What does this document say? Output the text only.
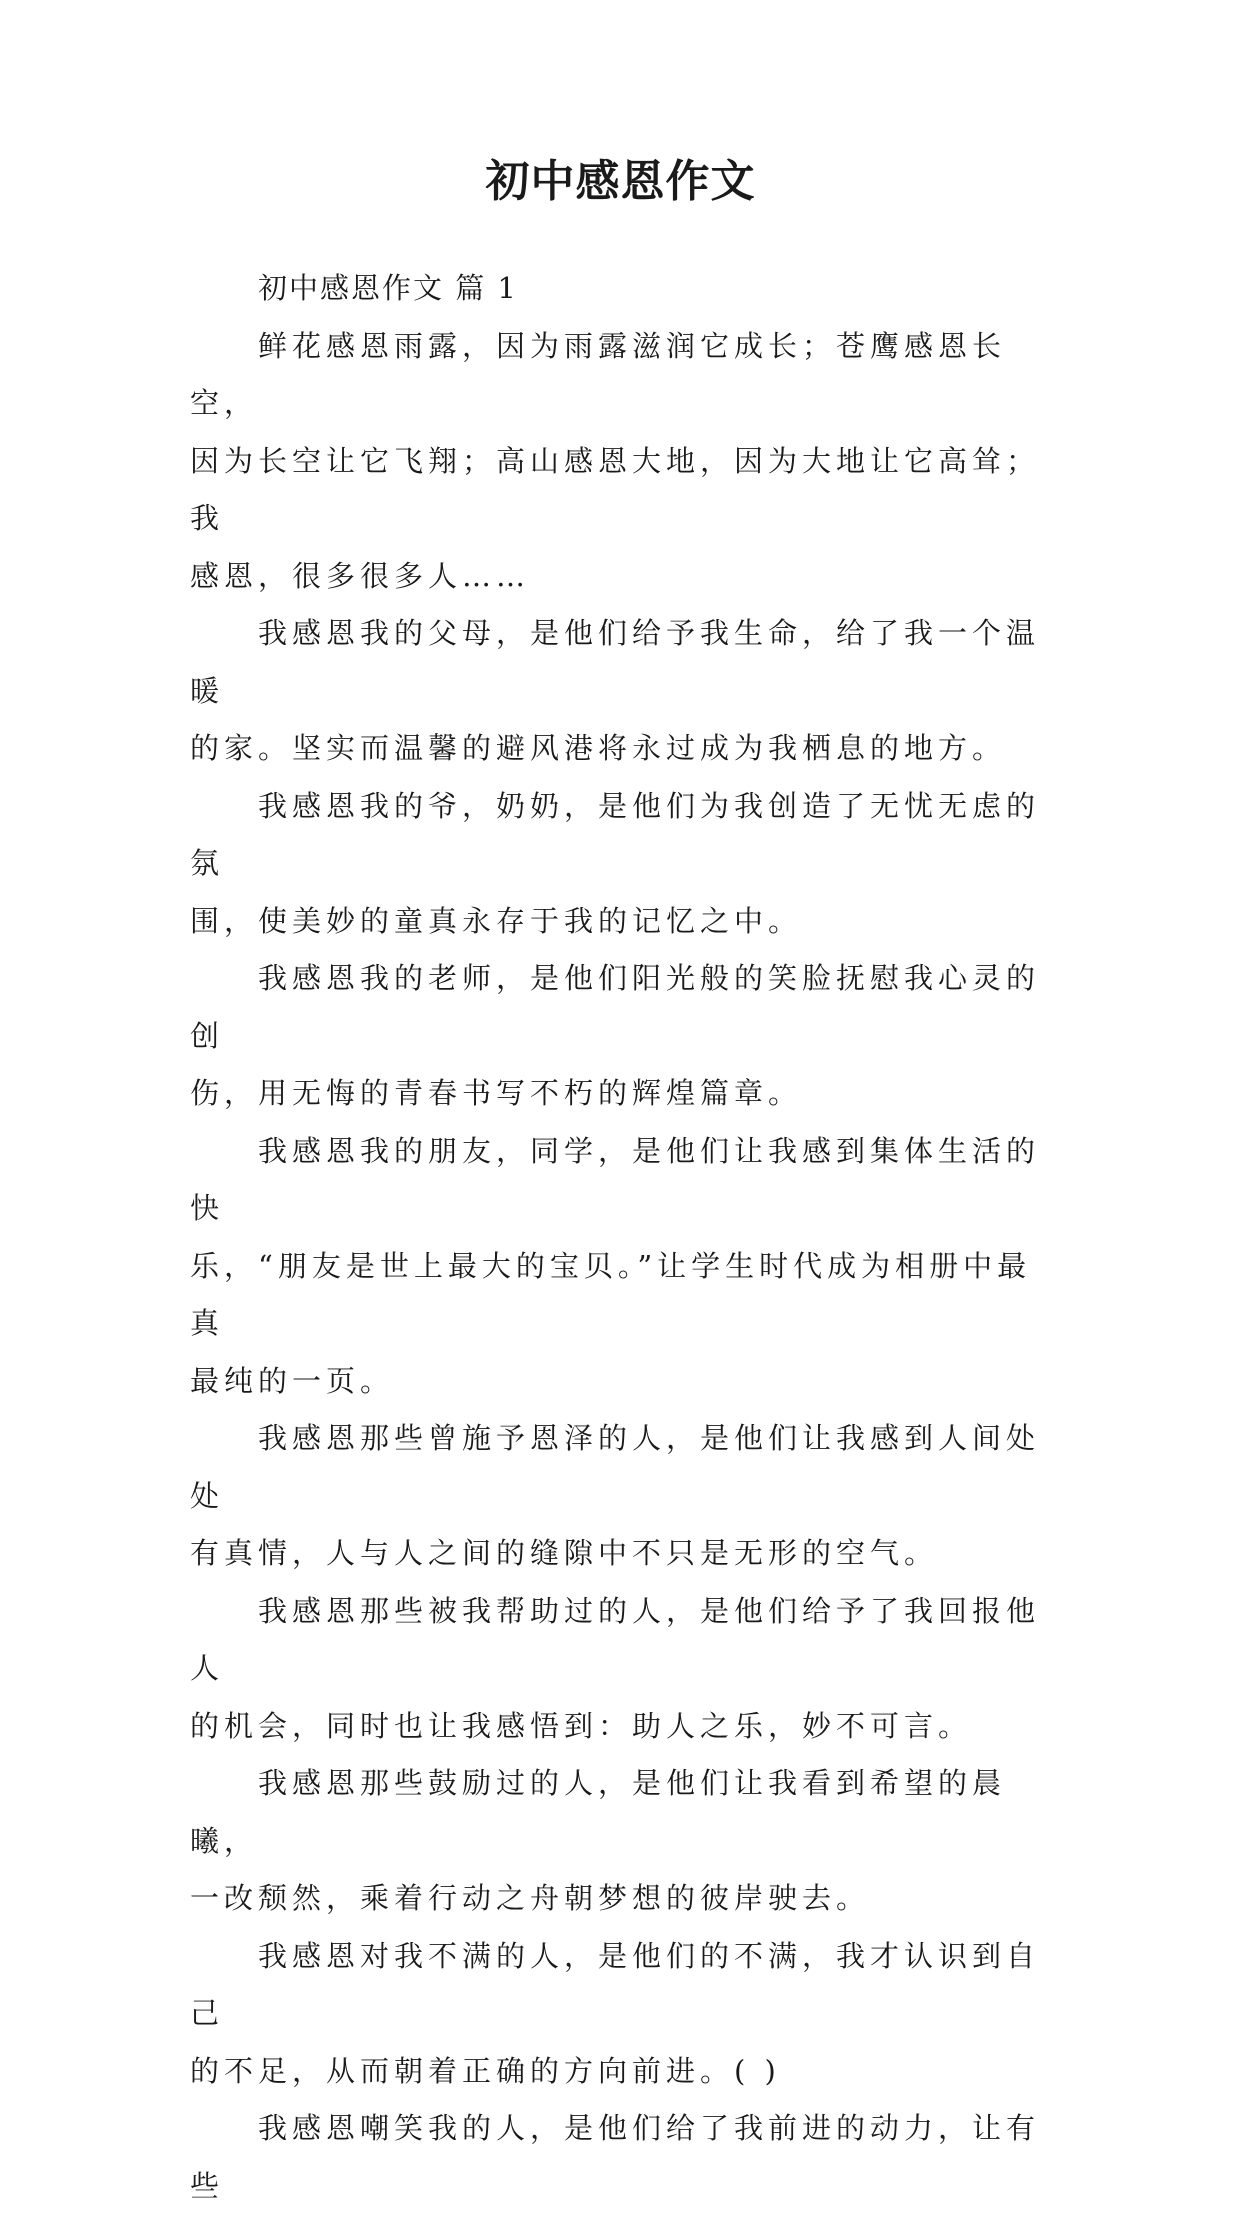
初中感恩作文

初中感恩作文 篇 1

鲜花感恩雨露，因为雨露滋润它成长；苍鹰感恩长空，
因为长空让它飞翔；高山感恩大地，因为大地让它高耸；我
感恩，很多很多人……

我感恩我的父母，是他们给予我生命，给了我一个温暖
的家。坚实而温馨的避风港将永过成为我栖息的地方。

我感恩我的爷，奶奶，是他们为我创造了无忧无虑的氛
围，使美妙的童真永存于我的记忆之中。

我感恩我的老师，是他们阳光般的笑脸抚慰我心灵的创
伤，用无悔的青春书写不朽的辉煌篇章。

我感恩我的朋友，同学，是他们让我感到集体生活的快
乐，“朋友是世上最大的宝贝。”让学生时代成为相册中最真
最纯的一页。

我感恩那些曾施予恩泽的人，是他们让我感到人间处处
有真情，人与人之间的缝隙中不只是无形的空气。

我感恩那些被我帮助过的人，是他们给予了我回报他人
的机会，同时也让我感悟到：助人之乐，妙不可言。

我感恩那些鼓励过的人，是他们让我看到希望的晨曦，
一改颓然，乘着行动之舟朝梦想的彼岸驶去。

我感恩对我不满的人，是他们的不满，我才认识到自己
的不足，从而朝着正确的方向前进。( )

我感恩嘲笑我的人，是他们给了我前进的动力，让有些
